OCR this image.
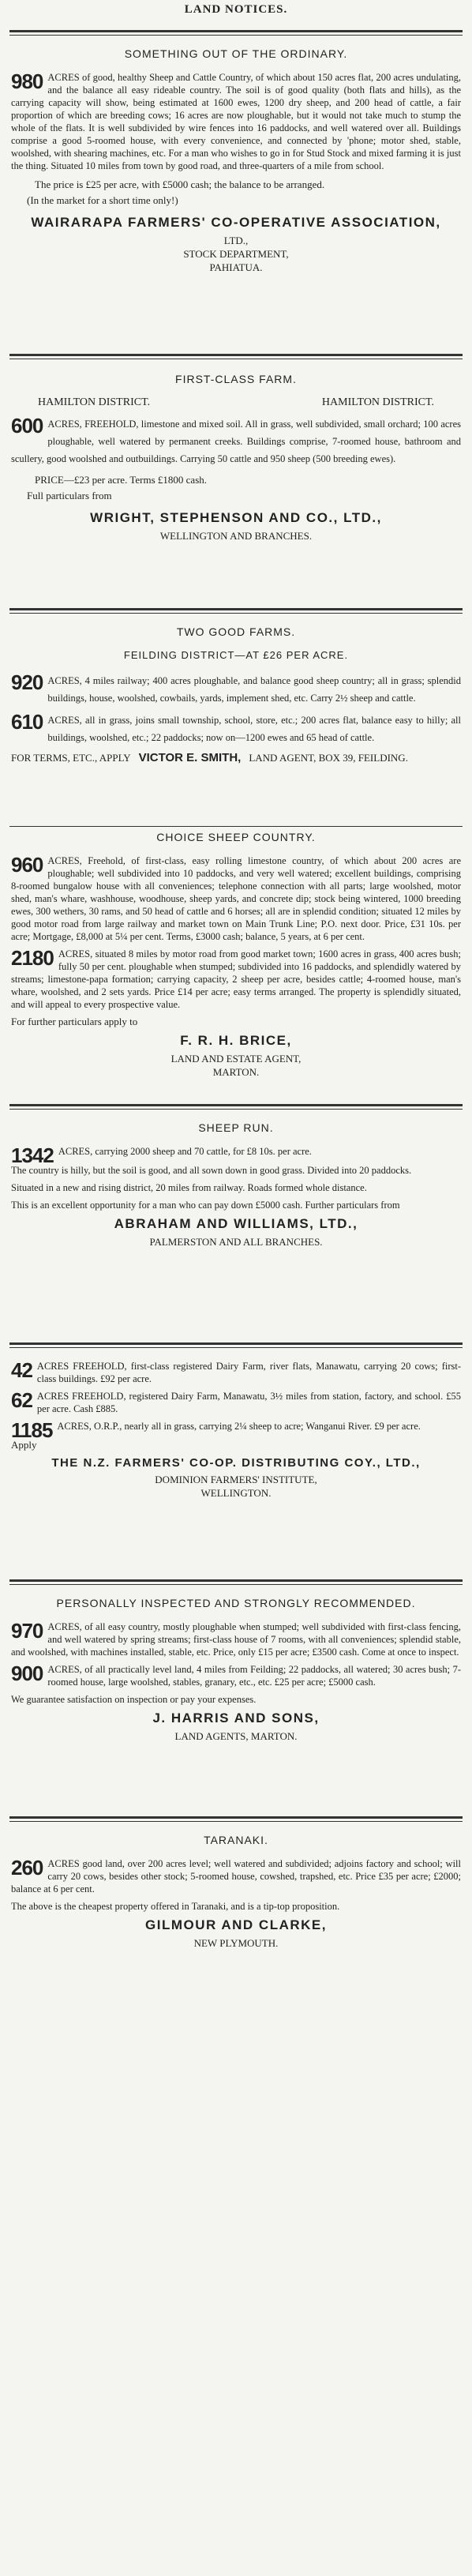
LAND NOTICES.
SOMETHING OUT OF THE ORDINARY.

980 ACRES of good, healthy Sheep and Cattle Country, of which about 150 acres flat, 200 acres undulating, and the balance all easy rideable country. The soil is of good quality (both flats and hills), as the carrying capacity will show, being estimated at 1600 ewes, 1200 dry sheep, and 200 head of cattle, a fair proportion of which are breeding cows; 16 acres are now ploughable, but it would not take much to stump the whole of the flats. It is well subdivided by wire fences into 16 paddocks, and well watered over all. Buildings comprise a good 5-roomed house, with every convenience, and connected by 'phone; motor shed, stable, woolshed, with shearing machines, etc. For a man who wishes to go in for Stud Stock and mixed farming it is just the thing. Situated 10 miles from town by good road, and three-quarters of a mile from school.

The price is £25 per acre, with £5000 cash; the balance to be arranged.
(In the market for a short time only!)
WAIRARAPA FARMERS' CO-OPERATIVE ASSOCIATION,
LTD.,
STOCK DEPARTMENT,
PAHIATUA.
FIRST-CLASS FARM.
HAMILTON DISTRICT.	HAMILTON DISTRICT.

600 ACRES, FREEHOLD, limestone and mixed soil. All in grass, well subdivided, small orchard; 100 acres ploughable, well watered by permanent creeks. Buildings comprise, 7-roomed house, bathroom and scullery, good woolshed and outbuildings. Carrying 50 cattle and 950 sheep (500 breeding ewes).

PRICE—£23 per acre. Terms £1800 cash.
Full particulars from
WRIGHT, STEPHENSON AND CO., LTD.,
WELLINGTON AND BRANCHES.
TWO GOOD FARMS.
FEILDING DISTRICT—AT £26 PER ACRE.

920 ACRES, 4 miles railway; 400 acres ploughable, and balance good sheep country; all in grass; splendid buildings, house, woolshed, cowbails, yards, implement shed, etc. Carry 2½ sheep and cattle.

610 ACRES, all in grass, joins small township, school, store, etc.; 200 acres flat, balance easy to hilly; all buildings, woolshed, etc.; 22 paddocks; now on—1200 ewes and 65 head of cattle.

FOR TERMS, ETC., APPLY VICTOR E. SMITH, LAND AGENT, BOX 39, FEILDING.
CHOICE SHEEP COUNTRY.

960 ACRES, Freehold, of first-class, easy rolling limestone country, of which about 200 acres are ploughable; well subdivided into 10 paddocks, and very well watered; excellent buildings, comprising 8-roomed bungalow house with all conveniences; telephone connection with all parts; large woolshed, motor shed, man's whare, washhouse, woodhouse, sheep yards, and concrete dip; stock being wintered, 1000 breeding ewes, 300 wethers, 30 rams, and 50 head of cattle and 6 horses; all are in splendid condition; situated 12 miles by good motor road from large railway and market town on Main Trunk Line; P.O. next door. Price, £31 10s. per acre; Mortgage, £8,000 at 5¼ per cent. Terms, £3000 cash; balance, 5 years, at 6 per cent.

2180 ACRES, situated 8 miles by motor road from good market town; 1600 acres in grass, 400 acres bush; fully 50 per cent. ploughable when stumped; subdivided into 16 paddocks, and splendidly watered by streams; limestone-papa formation; carrying capacity, 2 sheep per acre, besides cattle; 4-roomed house, man's whare, woolshed, and 2 sets yards. Price £14 per acre; easy terms arranged. The property is splendidly situated, and will appeal to every prospective value.

For further particulars apply to
F. R. H. BRICE,
LAND AND ESTATE AGENT,
MARTON.
SHEEP RUN.

1342 ACRES, carrying 2000 sheep and 70 cattle, for £8 10s. per acre.

The country is hilly, but the soil is good, and all sown down in good grass. Divided into 20 paddocks.

Situated in a new and rising district, 20 miles from railway. Roads formed whole distance.

This is an excellent opportunity for a man who can pay down £5000 cash. Further particulars from

ABRAHAM AND WILLIAMS, LTD.,
PALMERSTON AND ALL BRANCHES.

42 ACRES FREEHOLD, first-class registered Dairy Farm, river flats, Manawatu, carrying 20 cows; first-class buildings. £92 per acre.

62 ACRES FREEHOLD, registered Dairy Farm, Manawatu, 3½ miles from station, factory, and school. £55 per acre. Cash £885.

1185 ACRES, O.R.P., nearly all in grass, carrying 2¼ sheep to acre; Wanganui River. £9 per acre.

Apply
THE N.Z. FARMERS' CO-OP. DISTRIBUTING COY., LTD.,
DOMINION FARMERS' INSTITUTE,
WELLINGTON.
PERSONALLY INSPECTED AND STRONGLY RECOMMENDED.

970 ACRES, of all easy country, mostly ploughable when stumped; well subdivided with first-class fencing, and well watered by spring streams; first-class house of 7 rooms, with all conveniences; splendid stable, and woolshed, with machines installed, stable, etc. Price, only £15 per acre; £3500 cash. Come at once to inspect.

900 ACRES, of all practically level land, 4 miles from Feilding; 22 paddocks, all watered; 30 acres bush; 7-roomed house, large woolshed, stables, granary, etc., etc. £25 per acre; £5000 cash.

We guarantee satisfaction on inspection or pay your expenses.

J. HARRIS AND SONS,
LAND AGENTS, MARTON.
TARANAKI.

260 ACRES good land, over 200 acres level; well watered and subdivided; adjoins factory and school; will carry 20 cows, besides other stock; 5-roomed house, cowshed, trapshed, etc. Price £35 per acre; £2000; balance at 6 per cent.

The above is the cheapest property offered in Taranaki, and is a tip-top proposition.

GILMOUR AND CLARKE,
NEW PLYMOUTH.
